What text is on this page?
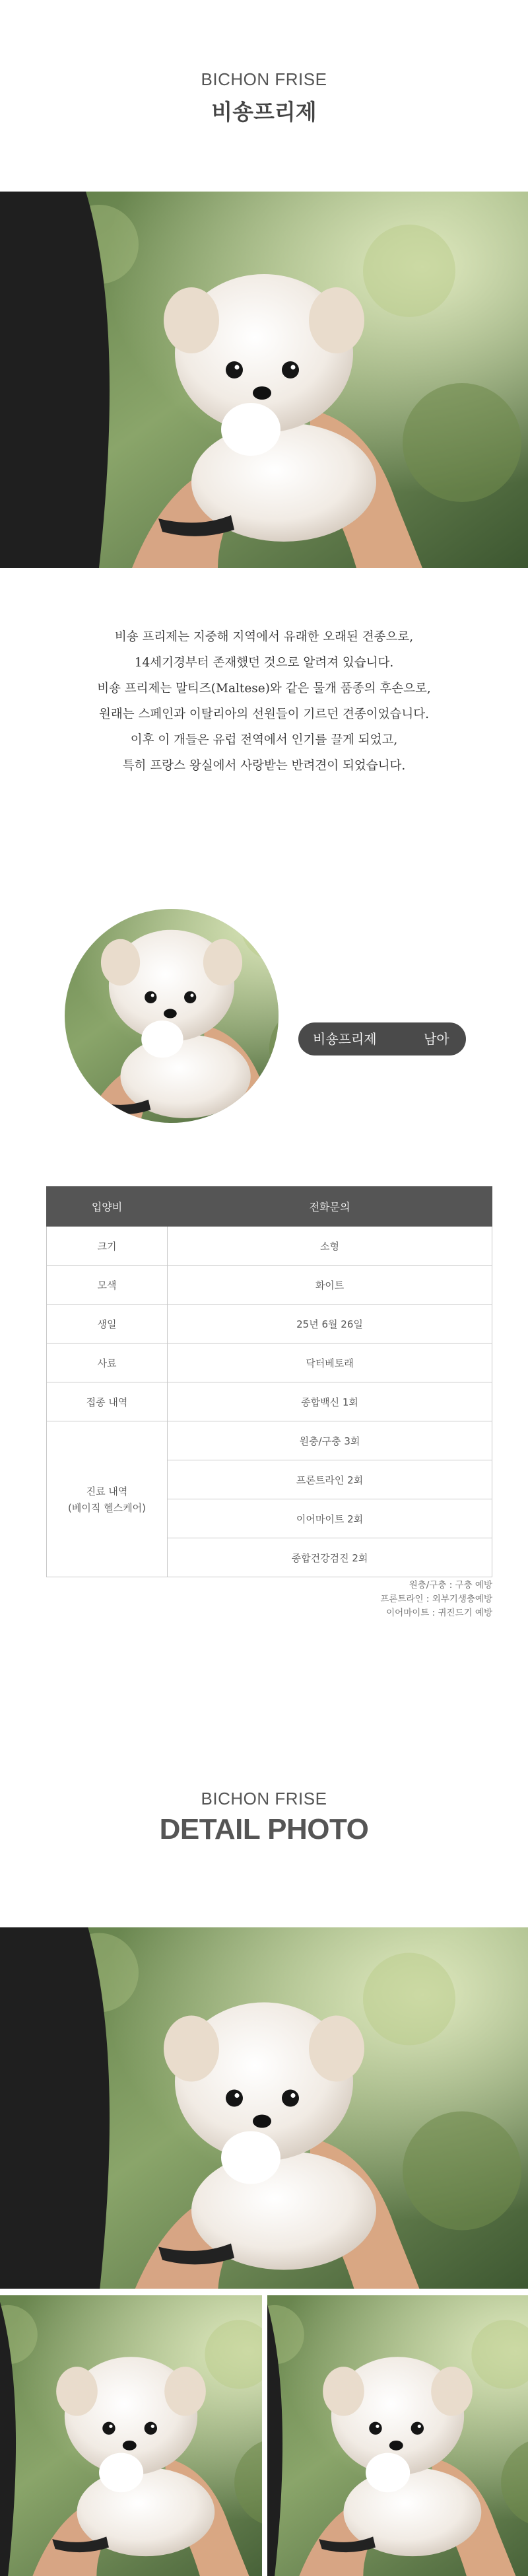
BICHON FRISE
비숑프리제
비숑 프리제는 지중해 지역에서 유래한 오래된 견종으로,
14세기경부터 존재했던 것으로 알려져 있습니다.
비숑 프리제는 말티즈(Maltese)와 같은 물개 품종의 후손으로,
원래는 스페인과 이탈리아의 선원들이 기르던 견종이었습니다.
이후 이 개들은 유럽 전역에서 인기를 끌게 되었고,
특히 프랑스 왕실에서 사랑받는 반려견이 되었습니다.
비숑프리제	남아
입양비	전화문의
크기	소형
모색	화이트
생일	25년 6월 26일
사료	닥터베토래
접종 내역	종합백신 1회

진료 내역
(베이직 헬스케어)	원충/구충 3회
	프론트라인 2회
	이어마이트 2회
	종합건강검진 2회
원충/구충 : 구충 예방
프론트라인 : 외부기생충예방
이어마이트 : 귀진드기 예방
BICHON FRISE
DETAIL PHOTO
